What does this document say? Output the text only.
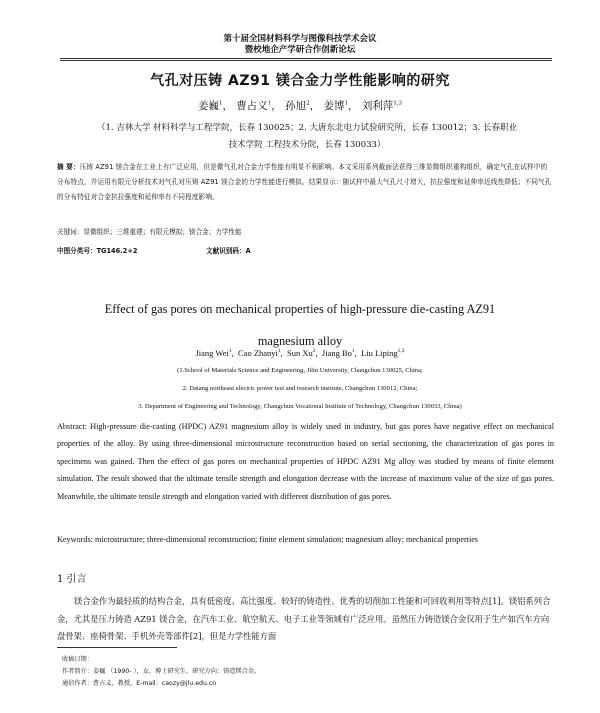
第十届全国材料科学与图像科技学术会议
暨校地企产学研合作创新论坛
气孔对压铸 AZ91 镁合金力学性能影响的研究
姜巍$^1$， 曹占义$^1$， 孙旭$^2$， 姜博$^1$， 刘利萍$^{1,3}$
（1. 吉林大学 材料科学与工程学院，长春 130025；2. 大唐东北电力试验研究所，长春 130012；3. 长春职业
技术学院 工程技术分院，长春 130033）
摘 要：压铸 AZ91 镁合金在工业上有广泛应用，但是微气孔对合金力学性能有明显不利影响。本文采用系列截面法获得三维显微组织重构组织，确定气孔在试样中的分布特点，并运用有限元分析技术对气孔对压铸 AZ91 镁合金的力学性能进行模拟。结果显示：随试样中最大气孔尺寸增大，抗拉强度和延伸率近线性降低；不同气孔的分布特征对合金抗拉强度和延伸率有不同程度影响。
关键词：显微组织；三维重建；有限元模拟；镁合金；力学性能
中图分类号：TG146.2+2	文献识别码：A
Effect of gas pores on mechanical properties of high-pressure die-casting AZ91
magnesium alloy
Jiang Wei$^1$,  Cao Zhanyi$^1$,  Sun Xu$^2$,  Jiang Bo$^1$,  Liu Liping$^{1,3}$
(1.School of Materials Science and Engineering, Jilin University, Changchun 130025, China;
2. Datang northeast electric power test and research institute, Changchun 130012, China;
3. Department of Engineering and Technology, Changchun Vocational Institute of Technology, Changchun 130033, China)
Abstract: High-pressure die-casting (HPDC) AZ91 magnesium alloy is widely used in industry, but gas pores have negative effect on mechanical properties of the alloy. By using three-dimensional microstructure reconstruction based on serial sectioning, the characterization of gas pores in specimens was gained. Then the effect of gas pores on mechanical properties of HPDC AZ91 Mg alloy was studied by means of finite element simulation. The result showed that the ultimate tensile strength and elongation decrease with the increase of maximum value of the size of gas pores. Meanwhile, the ultimate tensile strength and elongation varied with different distribution of gas pores.
Keywords: microstructure; three-dimensional reconstruction; finite element simulation; magnesium alloy; mechanical properties
1 引言
镁合金作为最轻质的结构合金，具有低密度、高比强度、较好的铸造性、优秀的切削加工性能和可回收利用等特点[1]。镁铝系列合金，尤其是压力铸造 AZ91 镁合金，在汽车工业、航空航天、电子工业等领域有广泛应用。虽然压力铸造镁合金仅用于生产如汽车方向盘骨架、座椅骨架、手机外壳等部件[2]，但是力学性能方面
收稿日期：
作者简介：姜巍 （1990- ），女，博士研究生。研究方向：铸造镁合金。
通信作者：曹占义，教授，E-mail：caozy@jlu.edu.cn
